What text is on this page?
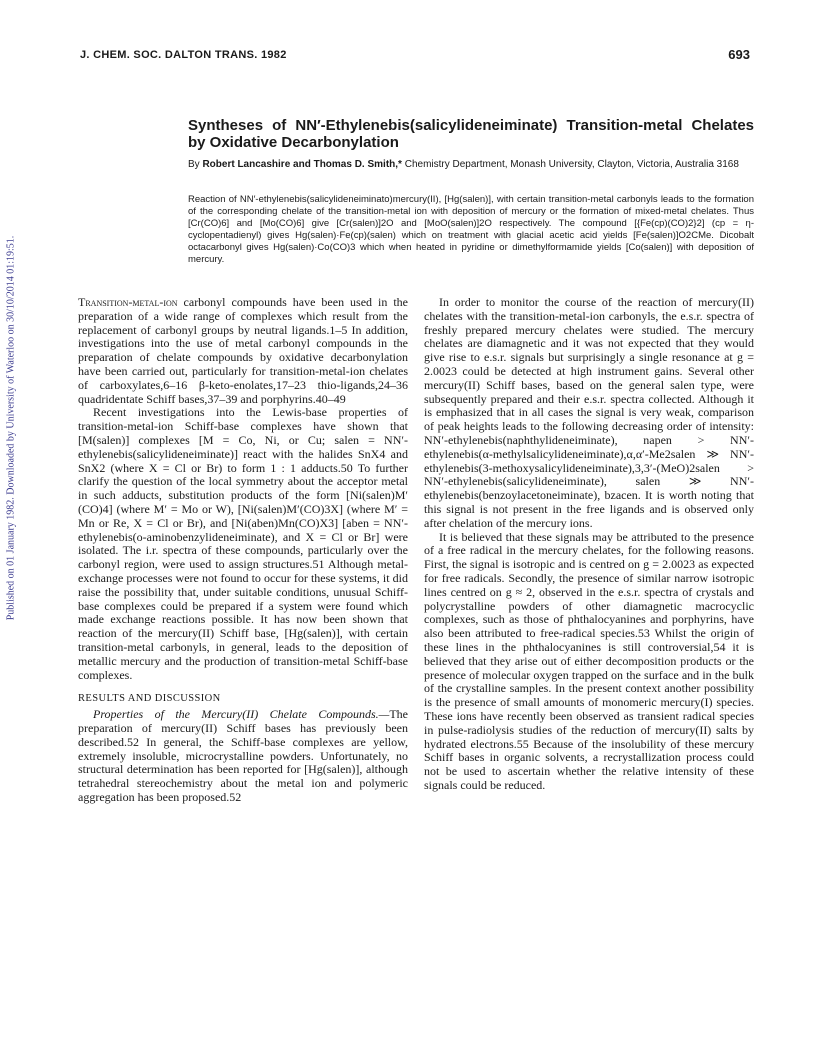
J. CHEM. SOC. DALTON TRANS. 1982	693
Published on 01 January 1982. Downloaded by University of Waterloo on 30/10/2014 01:19:51.
Syntheses of NN′-Ethylenebis(salicylideneiminate) Transition-metal Chelates by Oxidative Decarbonylation

By Robert Lancashire and Thomas D. Smith,* Chemistry Department, Monash University, Clayton, Victoria, Australia 3168

Reaction of NN′-ethylenebis(salicylideneiminato)mercury(II), [Hg(salen)], with certain transition-metal carbonyls leads to the formation of the corresponding chelate of the transition-metal ion with deposition of mercury or the formation of mixed-metal chelates. Thus [Cr(CO)6] and [Mo(CO)6] give [Cr(salen)]2O and [MoO(salen)]2O respectively. The compound [{Fe(cp)(CO)2}2] (cp = η-cyclopentadienyl) gives Hg(salen)·Fe(cp)(salen) which on treatment with glacial acetic acid yields [Fe(salen)]O2CMe. Dicobalt octacarbonyl gives Hg(salen)·Co(CO)3 which when heated in pyridine or dimethylformamide yields [Co(salen)] with deposition of mercury.

Transition-metal-ion carbonyl compounds have been used in the preparation of a wide range of complexes which result from the replacement of carbonyl groups by neutral ligands.1–5 In addition, investigations into the use of metal carbonyl compounds in the preparation of chelate compounds by oxidative decarbonylation have been carried out, particularly for transition-metal-ion chelates of carboxylates,6–16 β-keto-enolates,17–23 thio-ligands,24–36 quadridentate Schiff bases,37–39 and porphyrins.40–49

Recent investigations into the Lewis-base properties of transition-metal-ion Schiff-base complexes have shown that [M(salen)] complexes [M = Co, Ni, or Cu; salen = NN′-ethylenebis(salicylideneiminate)] react with the halides SnX4 and SnX2 (where X = Cl or Br) to form 1 : 1 adducts.50 To further clarify the question of the local symmetry about the acceptor metal in such adducts, substitution products of the form [Ni(salen)M′(CO)4] (where M′ = Mo or W), [Ni(salen)M′(CO)3X] (where M′ = Mn or Re, X = Cl or Br), and [Ni(aben)Mn(CO)X3] [aben = NN′-ethylenebis(o-aminobenzylideneiminate), and X = Cl or Br] were isolated. The i.r. spectra of these compounds, particularly over the carbonyl region, were used to assign structures.51 Although metal-exchange processes were not found to occur for these systems, it did raise the possibility that, under suitable conditions, unusual Schiff-base complexes could be prepared if a system were found which made exchange reactions possible. It has now been shown that reaction of the mercury(II) Schiff base, [Hg(salen)], with certain transition-metal carbonyls, in general, leads to the deposition of metallic mercury and the production of transition-metal Schiff-base complexes.

RESULTS AND DISCUSSION

Properties of the Mercury(II) Chelate Compounds.—The preparation of mercury(II) Schiff bases has previously been described.52 In general, the Schiff-base complexes are yellow, extremely insoluble, microcrystalline powders. Unfortunately, no structural determination has been reported for [Hg(salen)], although tetrahedral stereochemistry about the metal ion and polymeric aggregation has been proposed.52

In order to monitor the course of the reaction of mercury(II) chelates with the transition-metal-ion carbonyls, the e.s.r. spectra of freshly prepared mercury chelates were studied. The mercury chelates are diamagnetic and it was not expected that they would give rise to e.s.r. signals but surprisingly a single resonance at g = 2.0023 could be detected at high instrument gains. Several other mercury(II) Schiff bases, based on the general salen type, were subsequently prepared and their e.s.r. spectra collected. Although it is emphasized that in all cases the signal is very weak, comparison of peak heights leads to the following decreasing order of intensity: NN′-ethylenebis(naphthylideneiminate), napen > NN′-ethylenebis(α-methylsalicylideneiminate),α,α′-Me2salen ≫ NN′-ethylenebis(3-methoxysalicylideneiminate),3,3′-(MeO)2salen > NN′-ethylenebis(salicylideneiminate), salen ≫ NN′-ethylenebis(benzoylacetoneiminate), bzacen. It is worth noting that this signal is not present in the free ligands and is observed only after chelation of the mercury ions.

It is believed that these signals may be attributed to the presence of a free radical in the mercury chelates, for the following reasons. First, the signal is isotropic and is centred on g = 2.0023 as expected for free radicals. Secondly, the presence of similar narrow isotropic lines centred on g ≈ 2, observed in the e.s.r. spectra of crystals and polycrystalline powders of other diamagnetic macrocyclic complexes, such as those of phthalocyanines and porphyrins, have also been attributed to free-radical species.53 Whilst the origin of these lines in the phthalocyanines is still controversial,54 it is believed that they arise out of either decomposition products or the presence of molecular oxygen trapped on the surface and in the bulk of the crystalline samples. In the present context another possibility is the presence of small amounts of monomeric mercury(I) species. These ions have recently been observed as transient radical species in pulse-radiolysis studies of the reduction of mercury(II) salts by hydrated electrons.55 Because of the insolubility of these mercury Schiff bases in organic solvents, a recrystallization process could not be used to ascertain whether the relative intensity of these signals could be reduced.
